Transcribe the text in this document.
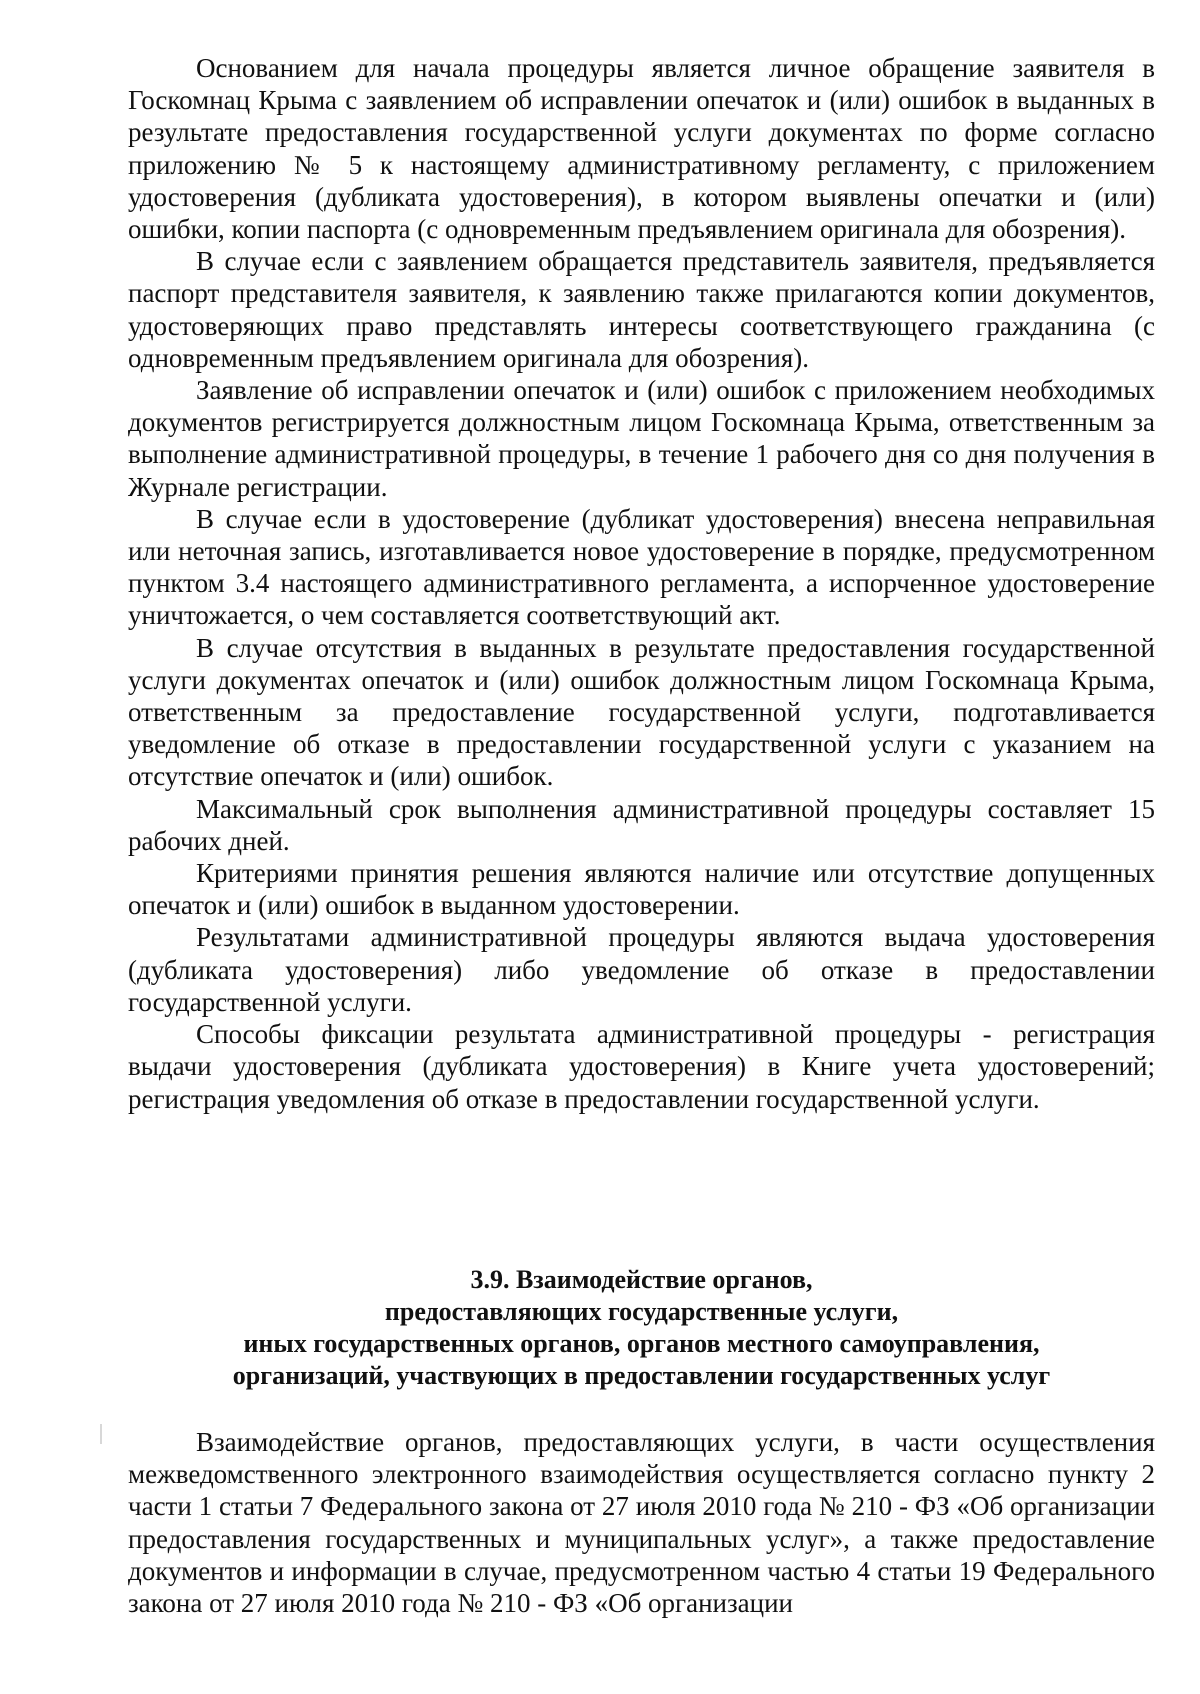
Основанием для начала процедуры является личное обращение заявителя в Госкомнац Крыма с заявлением об исправлении опечаток и (или) ошибок в выданных в результате предоставления государственной услуги документах по форме согласно приложению № 5 к настоящему административному регламенту, с приложением удостоверения (дубликата удостоверения), в котором выявлены опечатки и (или) ошибки, копии паспорта (с одновременным предъявлением оригинала для обозрения).

В случае если с заявлением обращается представитель заявителя, предъявляется паспорт представителя заявителя, к заявлению также прилагаются копии документов, удостоверяющих право представлять интересы соответствующего гражданина (с одновременным предъявлением оригинала для обозрения).

Заявление об исправлении опечаток и (или) ошибок с приложением необходимых документов регистрируется должностным лицом Госкомнаца Крыма, ответственным за выполнение административной процедуры, в течение 1 рабочего дня со дня получения в Журнале регистрации.

В случае если в удостоверение (дубликат удостоверения) внесена неправильная или неточная запись, изготавливается новое удостоверение в порядке, предусмотренном пунктом 3.4 настоящего административного регламента, а испорченное удостоверение уничтожается, о чем составляется соответствующий акт.

В случае отсутствия в выданных в результате предоставления государственной услуги документах опечаток и (или) ошибок должностным лицом Госкомнаца Крыма, ответственным за предоставление государственной услуги, подготавливается уведомление об отказе в предоставлении государственной услуги с указанием на отсутствие опечаток и (или) ошибок.

Максимальный срок выполнения административной процедуры составляет 15 рабочих дней.

Критериями принятия решения являются наличие или отсутствие допущенных опечаток и (или) ошибок в выданном удостоверении.

Результатами административной процедуры являются выдача удостоверения (дубликата удостоверения) либо уведомление об отказе в предоставлении государственной услуги.

Способы фиксации результата административной процедуры - регистрация выдачи удостоверения (дубликата удостоверения) в Книге учета удостоверений; регистрация уведомления об отказе в предоставлении государственной услуги.

3.9. Взаимодействие органов,
предоставляющих государственные услуги,
иных государственных органов, органов местного самоуправления,
организаций, участвующих в предоставлении государственных услуг

Взаимодействие органов, предоставляющих услуги, в части осуществления межведомственного электронного взаимодействия осуществляется согласно пункту 2 части 1 статьи 7 Федерального закона от 27 июля 2010 года № 210 - ФЗ «Об организации предоставления государственных и муниципальных услуг», а также предоставление документов и информации в случае, предусмотренном частью 4 статьи 19 Федерального закона от 27 июля 2010 года № 210 - ФЗ «Об организации
